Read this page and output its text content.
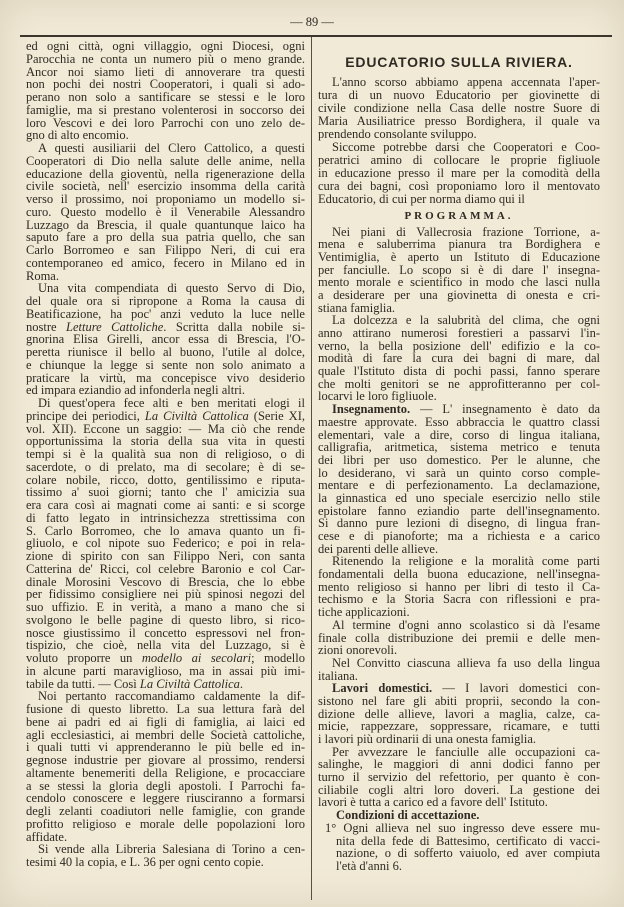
— 89 —
ed ogni città, ogni villaggio, ogni Diocesi, ogni
Parocchia ne conta un numero più o meno grande.
Ancor noi siamo lieti di annoverare tra questi
non pochi dei nostri Cooperatori, i quali si ado-
perano non solo a santificare se stessi e le loro
famiglie, ma si prestano volenterosi in soccorso dei
loro Vescovi e dei loro Parrochi con uno zelo de-
gno di alto encomio.
A questi ausiliarii del Clero Cattolico, a questi
Cooperatori di Dio nella salute delle anime, nella
educazione della gioventù, nella rigenerazione della
civile società, nell' esercizio insomma della carità
verso il prossimo, noi proponiamo un modello si-
curo. Questo modello è il Venerabile Alessandro
Luzzago da Brescia, il quale quantunque laico ha
saputo fare a pro della sua patria quello, che san
Carlo Borromeo e san Filippo Neri, di cui era
contemporaneo ed amico, fecero in Milano ed in
Roma.
Una vita compendiata di questo Servo di Dio,
del quale ora si ripropone a Roma la causa di
Beatificazione, ha poc' anzi veduto la luce nelle
nostre Letture Cattoliche. Scritta dalla nobile si-
gnorina Elisa Girelli, ancor essa di Brescia, l'O-
peretta riunisce il bello al buono, l'utile al dolce,
e chiunque la legge si sente non solo animato a
praticare la virtù, ma concepisce vivo desiderio
ed impara eziandio ad infonderla negli altri.
Di quest'opera fece alti e ben meritati elogi il
principe dei periodici, La Civiltà Cattolica (Serie XI,
vol. XII). Eccone un saggio: — Ma ciò che rende
opportunissima la storia della sua vita in questi
tempi si è la qualità sua non di religioso, o di
sacerdote, o di prelato, ma di secolare; è di se-
colare nobile, ricco, dotto, gentilissimo e riputa-
tissimo a' suoi giorni; tanto che l' amicizia sua
era cara così ai magnati come ai santi: e si scorge
di fatto legato in intrinsichezza strettissima con
S. Carlo Borromeo, che lo amava quanto un fi-
gliuolo, e col nipote suo Federico; e poi in rela-
zione di spirito con san Filippo Neri, con santa
Catterina de' Ricci, col celebre Baronio e col Car-
dinale Morosini Vescovo di Brescia, che lo ebbe
per fidissimo consigliere nei più spinosi negozi del
suo uffizio. E in verità, a mano a mano che si
svolgono le belle pagine di questo libro, si rico-
nosce giustissimo il concetto espressovi nel fron-
tispizio, che cioè, nella vita del Luzzago, si è
voluto proporre un modello ai secolari; modello
in alcune parti maraviglioso, ma in assai più imi-
tabile da tutti. — Così La Civiltà Cattolica.
Noi pertanto raccomandiamo caldamente la dif-
fusione di questo libretto. La sua lettura farà del
bene ai padri ed ai figli di famiglia, ai laici ed
agli ecclesiastici, ai membri delle Società cattoliche,
i quali tutti vi apprenderanno le più belle ed in-
gegnose industrie per giovare al prossimo, rendersi
altamente benemeriti della Religione, e procacciare
a se stessi la gloria degli apostoli. I Parrochi fa-
cendolo conoscere e leggere riusciranno a formarsi
degli zelanti coadiutori nelle famiglie, con grande
profitto religioso e morale delle popolazioni loro
affidate.
Si vende alla Libreria Salesiana di Torino a cen-
tesimi 40 la copia, e L. 36 per ogni cento copie.
EDUCATORIO SULLA RIVIERA.
L'anno scorso abbiamo appena accennata l'aper-
tura di un nuovo Educatorio per giovinette di
civile condizione nella Casa delle nostre Suore di
Maria Ausiliatrice presso Bordighera, il quale va
prendendo consolante sviluppo.
Siccome potrebbe darsi che Cooperatori e Coo-
peratrici amino di collocare le proprie figliuole
in educazione presso il mare per la comodità della
cura dei bagni, così proponiamo loro il mentovato
Educatorio, di cui per norma diamo qui il
PROGRAMMA.
Nei piani di Vallecrosia frazione Torrione, a-
mena e saluberrima pianura tra Bordighera e
Ventimiglia, è aperto un Istituto di Educazione
per fanciulle. Lo scopo si è di dare l' insegna-
mento morale e scientifico in modo che lasci nulla
a desiderare per una giovinetta di onesta e cri-
stiana famiglia.
La dolcezza e la salubrità del clima, che ogni
anno attirano numerosi forestieri a passarvi l'in-
verno, la bella posizione dell' edifizio e la co-
modità di fare la cura dei bagni di mare, dal
quale l'Istituto dista di pochi passi, fanno sperare
che molti genitori se ne approfitteranno per col-
locarvi le loro figliuole.
Insegnamento. — L' insegnamento è dato da
maestre approvate. Esso abbraccia le quattro classi
elementari, vale a dire, corso di lingua italiana,
calligrafia, aritmetica, sistema metrico e tenuta
dei libri per uso domestico. Per le alunne, che
lo desiderano, vi sarà un quinto corso comple-
mentare e di perfezionamento. La declamazione,
la ginnastica ed uno speciale esercizio nello stile
epistolare fanno eziandio parte dell'insegnamento.
Si danno pure lezioni di disegno, di lingua fran-
cese e di pianoforte; ma a richiesta e a carico
dei parenti delle allieve.
Ritenendo la religione e la moralità come parti
fondamentali della buona educazione, nell'insegna-
mento religioso si hanno per libri di testo il Ca-
techismo e la Storia Sacra con riflessioni e pra-
tiche applicazioni.
Al termine d'ogni anno scolastico si dà l'esame
finale colla distribuzione dei premii e delle men-
zioni onorevoli.
Nel Convitto ciascuna allieva fa uso della lingua
italiana.
Lavori domestici. — I lavori domestici con-
sistono nel fare gli abiti proprii, secondo la con-
dizione delle allieve, lavori a maglia, calze, ca-
micie, rappezzare, soppressare, ricamare, e tutti
i lavori più ordinarii di una onesta famiglia.
Per avvezzare le fanciulle alle occupazioni ca-
salinghe, le maggiori di anni dodici fanno per
turno il servizio del refettorio, per quanto è con-
ciliabile cogli altri loro doveri. La gestione dei
lavori è tutta a carico ed a favore dell' Istituto.
Condizioni di accettazione.
1° Ogni allieva nel suo ingresso deve essere mu-
nita della fede di Battesimo, certificato di vacci-
nazione, o di sofferto vaiuolo, ed aver compiuta
l'età d'anni 6.
